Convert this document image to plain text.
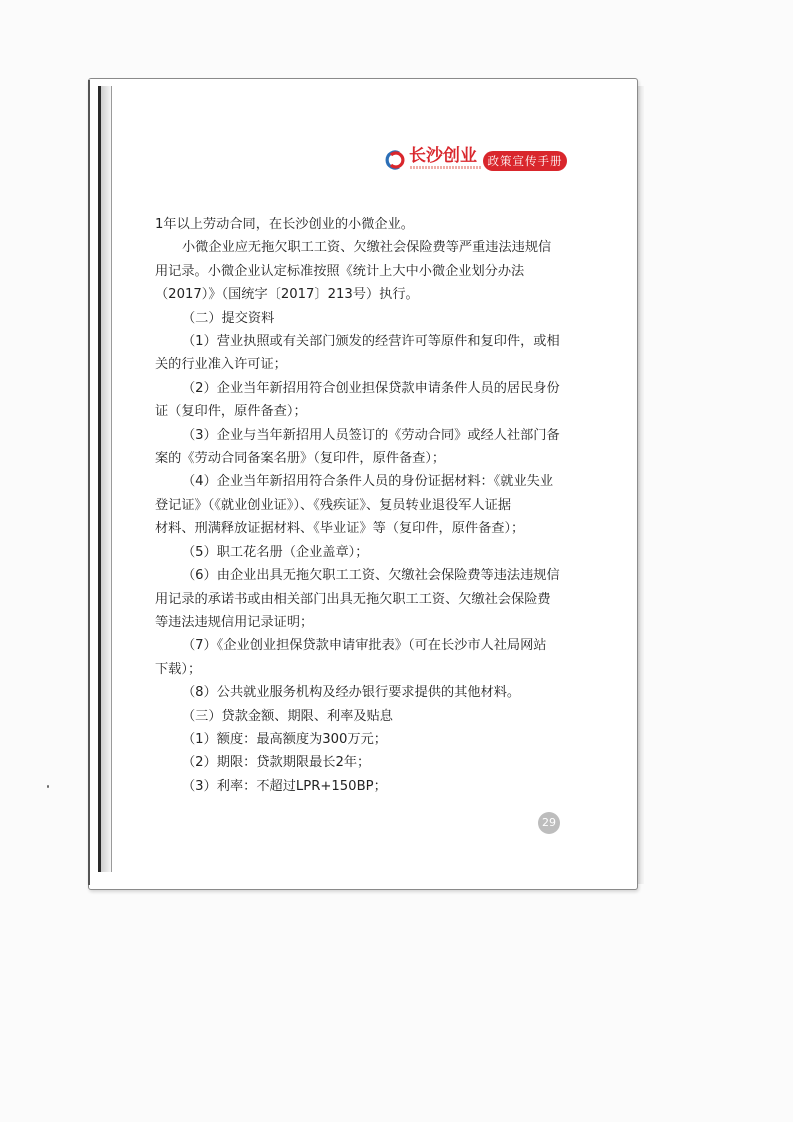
长沙创业 政策宣传手册

1年以上劳动合同，在长沙创业的小微企业。

小微企业应无拖欠职工工资、欠缴社会保险费等严重违法违规信

用记录。小微企业认定标准按照《统计上大中小微企业划分办法

（2017）》（国统字〔2017〕213号）执行。

（二）提交资料

（1）营业执照或有关部门颁发的经营许可等原件和复印件，或相

关的行业准入许可证；

（2）企业当年新招用符合创业担保贷款申请条件人员的居民身份

证（复印件，原件备查）；

（3）企业与当年新招用人员签订的《劳动合同》或经人社部门备

案的《劳动合同备案名册》（复印件，原件备查）；

（4）企业当年新招用符合条件人员的身份证据材料：《就业失业

登记证》（《就业创业证》）、《残疾证》、复员转业退役军人证据

材料、刑满释放证据材料、《毕业证》等（复印件，原件备查）；

（5）职工花名册（企业盖章）；

（6）由企业出具无拖欠职工工资、欠缴社会保险费等违法违规信

用记录的承诺书或由相关部门出具无拖欠职工工资、欠缴社会保险费

等违法违规信用记录证明；

（7）《企业创业担保贷款申请审批表》（可在长沙市人社局网站

下载）；

（8）公共就业服务机构及经办银行要求提供的其他材料。

（三）贷款金额、期限、利率及贴息

（1）额度：最高额度为300万元；

（2）期限：贷款期限最长2年；

（3）利率：不超过LPR+150BP；

29
